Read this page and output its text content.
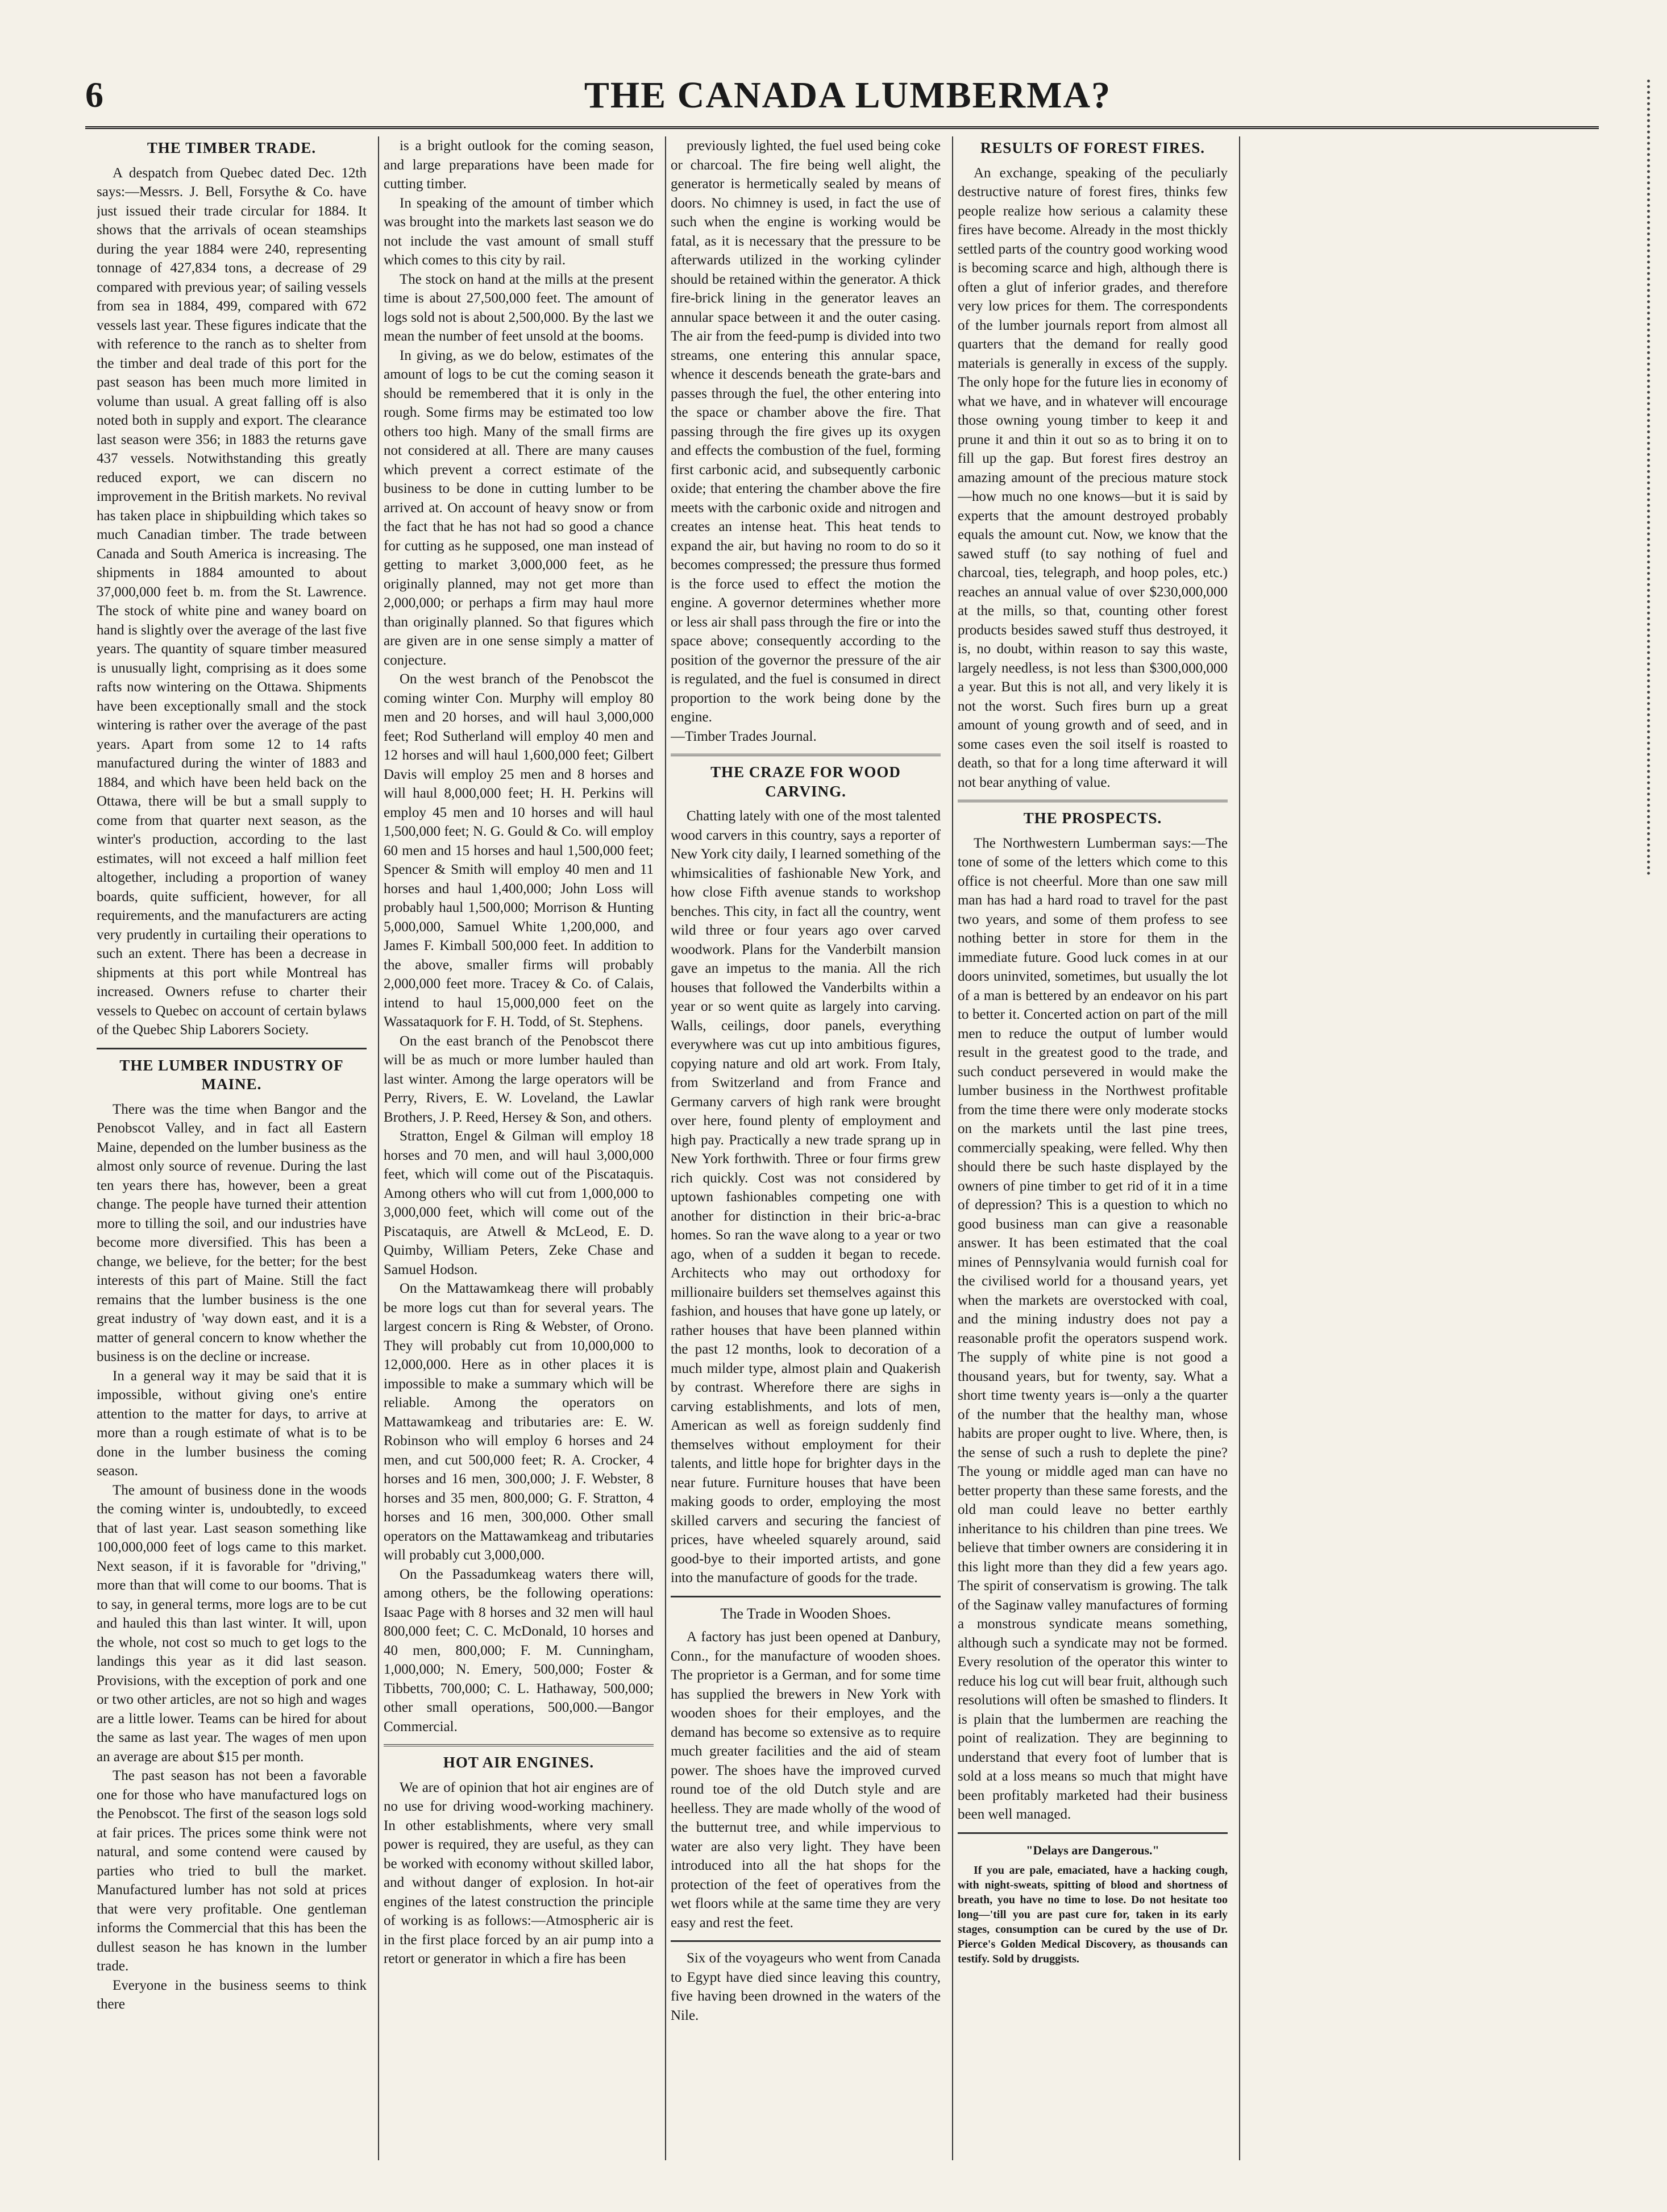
6	THE CANADA LUMBERMA?
THE TIMBER TRADE.

A despatch from Quebec dated Dec. 12th says:—Messrs. J. Bell, Forsythe & Co. have just issued their trade circular for 1884. It shows that the arrivals of ocean steamships during the year 1884 were 240, representing tonnage of 427,834 tons, a decrease of 29 compared with previous year; of sailing vessels from sea in 1884, 499, compared with 672 vessels last year. These figures indicate that the with reference to the ranch as to shelter from the timber and deal trade of this port for the past season has been much more limited in volume than usual. A great falling off is also noted both in supply and export. The clearance last season were 356; in 1883 the returns gave 437 vessels. Notwithstanding this greatly reduced export, we can discern no improvement in the British markets. No revival has taken place in shipbuilding which takes so much Canadian timber. The trade between Canada and South America is increasing. The shipments in 1884 amounted to about 37,000,000 feet b. m. from the St. Lawrence. The stock of white pine and waney board on hand is slightly over the average of the last five years. The quantity of square timber measured is unusually light, comprising as it does some rafts now wintering on the Ottawa. Shipments have been exceptionally small and the stock wintering is rather over the average of the past years. Apart from some 12 to 14 rafts manufactured during the winter of 1883 and 1884, and which have been held back on the Ottawa, there will be but a small supply to come from that quarter next season, as the winter's production, according to the last estimates, will not exceed a half million feet altogether, including a proportion of waney boards, quite sufficient, however, for all requirements, and the manufacturers are acting very prudently in curtailing their operations to such an extent. There has been a decrease in shipments at this port while Montreal has increased. Owners refuse to charter their vessels to Quebec on account of certain bylaws of the Quebec Ship Laborers Society.

THE LUMBER INDUSTRY OF MAINE.

There was the time when Bangor and the Penobscot Valley, and in fact all Eastern Maine, depended on the lumber business as the almost only source of revenue. During the last ten years there has, however, been a great change. The people have turned their attention more to tilling the soil, and our industries have become more diversified. This has been a change, we believe, for the better; for the best interests of this part of Maine. Still the fact remains that the lumber business is the one great industry of 'way down east, and it is a matter of general concern to know whether the business is on the decline or increase.

In a general way it may be said that it is impossible, without giving one's entire attention to the matter for days, to arrive at more than a rough estimate of what is to be done in the lumber business the coming season.

The amount of business done in the woods the coming winter is, undoubtedly, to exceed that of last year. Last season something like 100,000,000 feet of logs came to this market. Next season, if it is favorable for "driving," more than that will come to our booms. That is to say, in general terms, more logs are to be cut and hauled this than last winter. It will, upon the whole, not cost so much to get logs to the landings this year as it did last season. Provisions, with the exception of pork and one or two other articles, are not so high and wages are a little lower. Teams can be hired for about the same as last year. The wages of men upon an average are about $15 per month.

The past season has not been a favorable one for those who have manufactured logs on the Penobscot. The first of the season logs sold at fair prices. The prices some think were not natural, and some contend were caused by parties who tried to bull the market. Manufactured lumber has not sold at prices that were very profitable. One gentleman informs the Commercial that this has been the dullest season he has known in the lumber trade.

Everyone in the business seems to think there

is a bright outlook for the coming season, and large preparations have been made for cutting timber.

In speaking of the amount of timber which was brought into the markets last season we do not include the vast amount of small stuff which comes to this city by rail.

The stock on hand at the mills at the present time is about 27,500,000 feet. The amount of logs sold not is about 2,500,000. By the last we mean the number of feet unsold at the booms.

In giving, as we do below, estimates of the amount of logs to be cut the coming season it should be remembered that it is only in the rough. Some firms may be estimated too low others too high. Many of the small firms are not considered at all. There are many causes which prevent a correct estimate of the business to be done in cutting lumber to be arrived at. On account of heavy snow or from the fact that he has not had so good a chance for cutting as he supposed, one man instead of getting to market 3,000,000 feet, as he originally planned, may not get more than 2,000,000; or perhaps a firm may haul more than originally planned. So that figures which are given are in one sense simply a matter of conjecture.

On the west branch of the Penobscot the coming winter Con. Murphy will employ 80 men and 20 horses, and will haul 3,000,000 feet; Rod Sutherland will employ 40 men and 12 horses and will haul 1,600,000 feet; Gilbert Davis will employ 25 men and 8 horses and will haul 8,000,000 feet; H. H. Perkins will employ 45 men and 10 horses and will haul 1,500,000 feet; N. G. Gould & Co. will employ 60 men and 15 horses and haul 1,500,000 feet; Spencer & Smith will employ 40 men and 11 horses and haul 1,400,000; John Loss will probably haul 1,500,000; Morrison & Hunting 5,000,000, Samuel White 1,200,000, and James F. Kimball 500,000 feet. In addition to the above, smaller firms will probably 2,000,000 feet more. Tracey & Co. of Calais, intend to haul 15,000,000 feet on the Wassataquork for F. H. Todd, of St. Stephens.

On the east branch of the Penobscot there will be as much or more lumber hauled than last winter. Among the large operators will be Perry, Rivers, E. W. Loveland, the Lawlar Brothers, J. P. Reed, Hersey & Son, and others.

Stratton, Engel & Gilman will employ 18 horses and 70 men, and will haul 3,000,000 feet, which will come out of the Piscataquis. Among others who will cut from 1,000,000 to 3,000,000 feet, which will come out of the Piscataquis, are Atwell & McLeod, E. D. Quimby, William Peters, Zeke Chase and Samuel Hodson.

On the Mattawamkeag there will probably be more logs cut than for several years. The largest concern is Ring & Webster, of Orono. They will probably cut from 10,000,000 to 12,000,000. Here as in other places it is impossible to make a summary which will be reliable. Among the operators on Mattawamkeag and tributaries are: E. W. Robinson who will employ 6 horses and 24 men, and cut 500,000 feet; R. A. Crocker, 4 horses and 16 men, 300,000; J. F. Webster, 8 horses and 35 men, 800,000; G. F. Stratton, 4 horses and 16 men, 300,000. Other small operators on the Mattawamkeag and tributaries will probably cut 3,000,000.

On the Passadumkeag waters there will, among others, be the following operations: Isaac Page with 8 horses and 32 men will haul 800,000 feet; C. C. McDonald, 10 horses and 40 men, 800,000; F. M. Cunningham, 1,000,000; N. Emery, 500,000; Foster & Tibbetts, 700,000; C. L. Hathaway, 500,000; other small operations, 500,000.—Bangor Commercial.

HOT AIR ENGINES.

We are of opinion that hot air engines are of no use for driving wood-working machinery. In other establishments, where very small power is required, they are useful, as they can be worked with economy without skilled labor, and without danger of explosion. In hot-air engines of the latest construction the principle of working is as follows:—Atmospheric air is in the first place forced by an air pump into a retort or generator in which a fire has been

previously lighted, the fuel used being coke or charcoal. The fire being well alight, the generator is hermetically sealed by means of doors. No chimney is used, in fact the use of such when the engine is working would be fatal, as it is necessary that the pressure to be afterwards utilized in the working cylinder should be retained within the generator. A thick fire-brick lining in the generator leaves an annular space between it and the outer casing. The air from the feed-pump is divided into two streams, one entering this annular space, whence it descends beneath the grate-bars and passes through the fuel, the other entering into the space or chamber above the fire. That passing through the fire gives up its oxygen and effects the combustion of the fuel, forming first carbonic acid, and subsequently carbonic oxide; that entering the chamber above the fire meets with the carbonic oxide and nitrogen and creates an intense heat. This heat tends to expand the air, but having no room to do so it becomes compressed; the pressure thus formed is the force used to effect the motion the engine. A governor determines whether more or less air shall pass through the fire or into the space above; consequently according to the position of the governor the pressure of the air is regulated, and the fuel is consumed in direct proportion to the work being done by the engine.

—Timber Trades Journal.

THE CRAZE FOR WOOD CARVING.

Chatting lately with one of the most talented wood carvers in this country, says a reporter of New York city daily, I learned something of the whimsicalities of fashionable New York, and how close Fifth avenue stands to workshop benches. This city, in fact all the country, went wild three or four years ago over carved woodwork. Plans for the Vanderbilt mansion gave an impetus to the mania. All the rich houses that followed the Vanderbilts within a year or so went quite as largely into carving. Walls, ceilings, door panels, everything everywhere was cut up into ambitious figures, copying nature and old art work. From Italy, from Switzerland and from France and Germany carvers of high rank were brought over here, found plenty of employment and high pay. Practically a new trade sprang up in New York forthwith. Three or four firms grew rich quickly. Cost was not considered by uptown fashionables competing one with another for distinction in their bric-a-brac homes. So ran the wave along to a year or two ago, when of a sudden it began to recede. Architects who may out orthodoxy for millionaire builders set themselves against this fashion, and houses that have gone up lately, or rather houses that have been planned within the past 12 months, look to decoration of a much milder type, almost plain and Quakerish by contrast. Wherefore there are sighs in carving establishments, and lots of men, American as well as foreign suddenly find themselves without employment for their talents, and little hope for brighter days in the near future. Furniture houses that have been making goods to order, employing the most skilled carvers and securing the fanciest of prices, have wheeled squarely around, said good-bye to their imported artists, and gone into the manufacture of goods for the trade.

The Trade in Wooden Shoes.

A factory has just been opened at Danbury, Conn., for the manufacture of wooden shoes. The proprietor is a German, and for some time has supplied the brewers in New York with wooden shoes for their employes, and the demand has become so extensive as to require much greater facilities and the aid of steam power. The shoes have the improved curved round toe of the old Dutch style and are heelless. They are made wholly of the wood of the butternut tree, and while impervious to water are also very light. They have been introduced into all the hat shops for the protection of the feet of operatives from the wet floors while at the same time they are very easy and rest the feet.

Six of the voyageurs who went from Canada to Egypt have died since leaving this country, five having been drowned in the waters of the Nile.

RESULTS OF FOREST FIRES.

An exchange, speaking of the peculiarly destructive nature of forest fires, thinks few people realize how serious a calamity these fires have become. Already in the most thickly settled parts of the country good working wood is becoming scarce and high, although there is often a glut of inferior grades, and therefore very low prices for them. The correspondents of the lumber journals report from almost all quarters that the demand for really good materials is generally in excess of the supply. The only hope for the future lies in economy of what we have, and in whatever will encourage those owning young timber to keep it and prune it and thin it out so as to bring it on to fill up the gap. But forest fires destroy an amazing amount of the precious mature stock—how much no one knows—but it is said by experts that the amount destroyed probably equals the amount cut. Now, we know that the sawed stuff (to say nothing of fuel and charcoal, ties, telegraph, and hoop poles, etc.) reaches an annual value of over $230,000,000 at the mills, so that, counting other forest products besides sawed stuff thus destroyed, it is, no doubt, within reason to say this waste, largely needless, is not less than $300,000,000 a year. But this is not all, and very likely it is not the worst. Such fires burn up a great amount of young growth and of seed, and in some cases even the soil itself is roasted to death, so that for a long time afterward it will not bear anything of value.

THE PROSPECTS.

The Northwestern Lumberman says:—The tone of some of the letters which come to this office is not cheerful. More than one saw mill man has had a hard road to travel for the past two years, and some of them profess to see nothing better in store for them in the immediate future. Good luck comes in at our doors uninvited, sometimes, but usually the lot of a man is bettered by an endeavor on his part to better it. Concerted action on part of the mill men to reduce the output of lumber would result in the greatest good to the trade, and such conduct persevered in would make the lumber business in the Northwest profitable from the time there were only moderate stocks on the markets until the last pine trees, commercially speaking, were felled. Why then should there be such haste displayed by the owners of pine timber to get rid of it in a time of depression? This is a question to which no good business man can give a reasonable answer. It has been estimated that the coal mines of Pennsylvania would furnish coal for the civilised world for a thousand years, yet when the markets are overstocked with coal, and the mining industry does not pay a reasonable profit the operators suspend work. The supply of white pine is not good a thousand years, but for twenty, say. What a short time twenty years is—only a the quarter of the number that the healthy man, whose habits are proper ought to live. Where, then, is the sense of such a rush to deplete the pine? The young or middle aged man can have no better property than these same forests, and the old man could leave no better earthly inheritance to his children than pine trees. We believe that timber owners are considering it in this light more than they did a few years ago. The spirit of conservatism is growing. The talk of the Saginaw valley manufactures of forming a monstrous syndicate means something, although such a syndicate may not be formed. Every resolution of the operator this winter to reduce his log cut will bear fruit, although such resolutions will often be smashed to flinders. It is plain that the lumbermen are reaching the point of realization. They are beginning to understand that every foot of lumber that is sold at a loss means so much that might have been profitably marketed had their business been well managed.

"Delays are Dangerous."

If you are pale, emaciated, have a hacking cough, with night-sweats, spitting of blood and shortness of breath, you have no time to lose. Do not hesitate too long—'till you are past cure for, taken in its early stages, consumption can be cured by the use of Dr. Pierce's Golden Medical Discovery, as thousands can testify. Sold by druggists.
